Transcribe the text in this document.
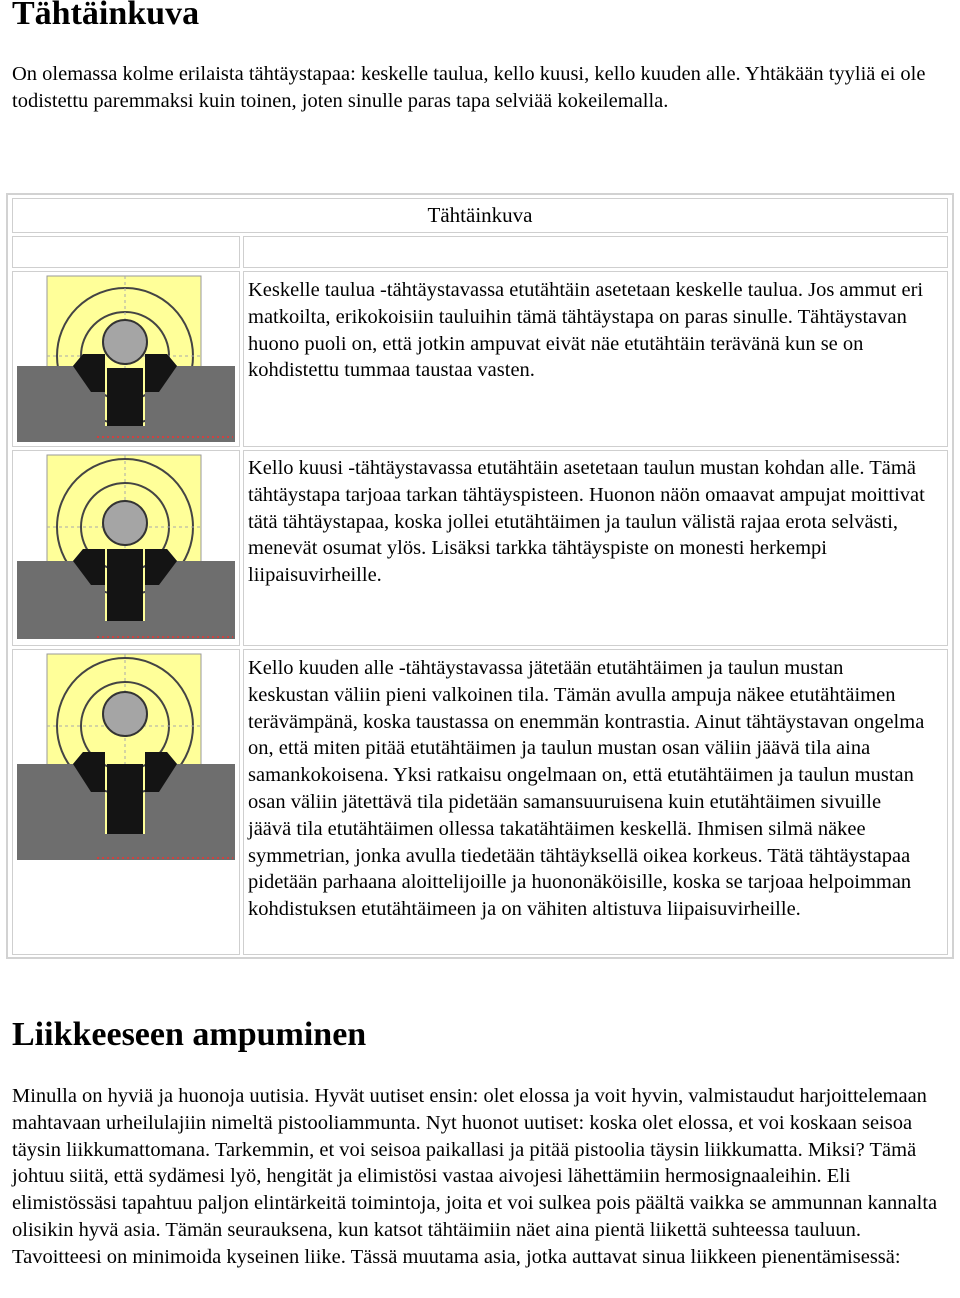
Tähtäinkuva

On olemassa kolme erilaista tähtäystapaa: keskelle taulua, kello kuusi, kello kuuden alle. Yhtäkään tyyliä ei ole todistettu paremmaksi kuin toinen, joten sinulle paras tapa selviää kokeilemalla.

Tähtäinkuva

Keskelle taulua -tähtäystavassa etutähtäin asetetaan keskelle taulua. Jos ammut eri matkoilta, erikokoisiin tauluihin tämä tähtäystapa on paras sinulle. Tähtäystavan huono puoli on, että jotkin ampuvat eivät näe etutähtäin terävänä kun se on kohdistettu tummaa taustaa vasten.

Kello kuusi -tähtäystavassa etutähtäin asetetaan taulun mustan kohdan alle. Tämä tähtäystapa tarjoaa tarkan tähtäyspisteen. Huonon näön omaavat ampujat moittivat tätä tähtäystapaa, koska jollei etutähtäimen ja taulun välistä rajaa erota selvästi, menevät osumat ylös. Lisäksi tarkka tähtäyspiste on monesti herkempi liipaisuvirheille.

Kello kuuden alle -tähtäystavassa jätetään etutähtäimen ja taulun mustan keskustan väliin pieni valkoinen tila. Tämän avulla ampuja näkee etutähtäimen terävämpänä, koska taustassa on enemmän kontrastia. Ainut tähtäystavan ongelma on, että miten pitää etutähtäimen ja taulun mustan osan väliin jäävä tila aina samankokoisena. Yksi ratkaisu ongelmaan on, että etutähtäimen ja taulun mustan osan väliin jätettävä tila pidetään samansuuruisena kuin etutähtäimen sivuille jäävä tila etutähtäimen ollessa takatähtäimen keskellä. Ihmisen silmä näkee symmetrian, jonka avulla tiedetään tähtäyksellä oikea korkeus. Tätä tähtäystapaa pidetään parhaana aloittelijoille ja huononäköisille, koska se tarjoaa helpoimman kohdistuksen etutähtäimeen ja on vähiten altistuva liipaisuvirheille.

Liikkeeseen ampuminen

Minulla on hyviä ja huonoja uutisia. Hyvät uutiset ensin: olet elossa ja voit hyvin, valmistaudut harjoittelemaan mahtavaan urheilulajiin nimeltä pistooliammunta. Nyt huonot uutiset: koska olet elossa, et voi koskaan seisoa täysin liikkumattomana. Tarkemmin, et voi seisoa paikallasi ja pitää pistoolia täysin liikkumatta. Miksi? Tämä johtuu siitä, että sydämesi lyö, hengität ja elimistösi vastaa aivojesi lähettämiin hermosignaaleihin. Eli elimistössäsi tapahtuu paljon elintärkeitä toimintoja, joita et voi sulkea pois päältä vaikka se ammunnan kannalta olisikin hyvä asia. Tämän seurauksena, kun katsot tähtäimiin näet aina pientä liikettä suhteessa tauluun. Tavoitteesi on minimoida kyseinen liike. Tässä muutama asia, jotka auttavat sinua liikkeen pienentämisessä:
